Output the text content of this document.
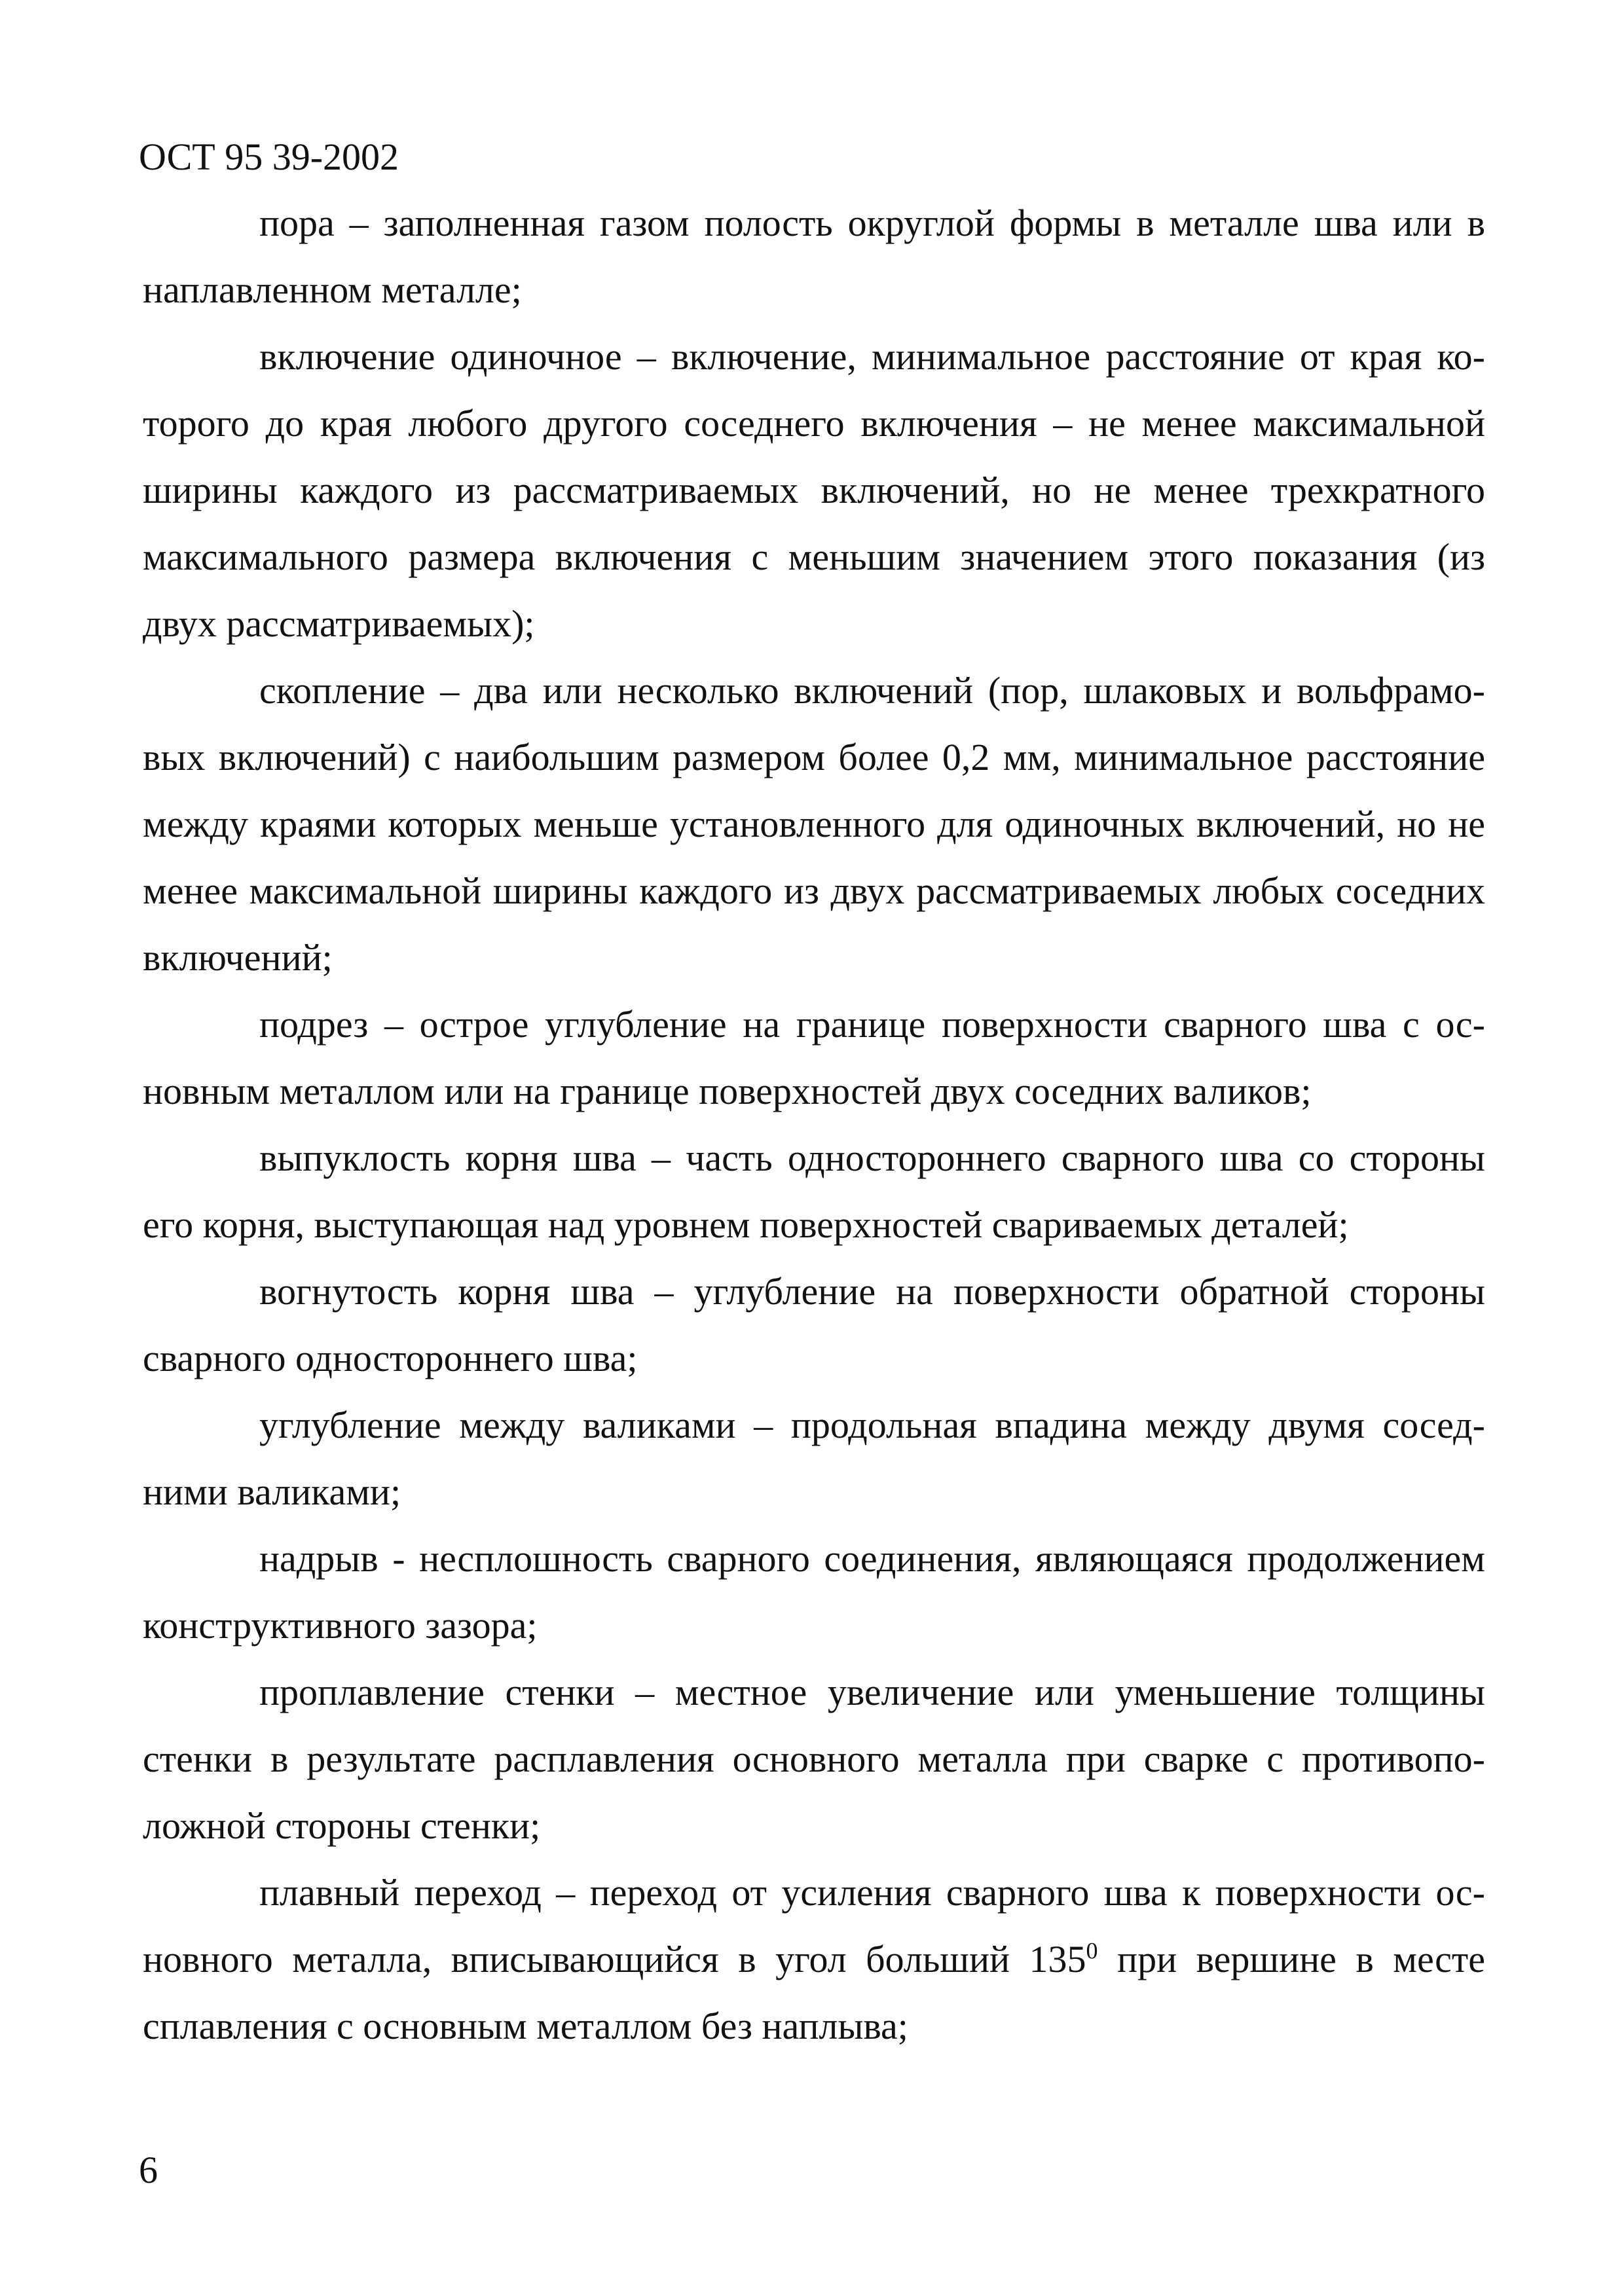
ОСТ 95 39-2002

пора – заполненная газом полость округлой формы в металле шва или в наплавленном металле;

включение одиночное – включение, минимальное расстояние от края которого до края любого другого соседнего включения – не менее максимальной ширины каждого из рассматриваемых включений, но не менее трехкратного максимального размера включения с меньшим значением этого показания (из двух рассматриваемых);

скопление – два или несколько включений (пор, шлаковых и вольфрамовых включений) с наибольшим размером более 0,2 мм, минимальное расстояние между краями которых меньше установленного для одиночных включений, но не менее максимальной ширины каждого из двух рассматриваемых любых соседних включений;

подрез – острое углубление на границе поверхности сварного шва с основным металлом или на границе поверхностей двух соседних валиков;

выпуклость корня шва – часть одностороннего сварного шва со стороны его корня, выступающая над уровнем поверхностей свариваемых деталей;

вогнутость корня шва – углубление на поверхности обратной стороны сварного одностороннего шва;

углубление между валиками – продольная впадина между двумя соседними валиками;

надрыв - несплошность сварного соединения, являющаяся продолжением конструктивного зазора;

проплавление стенки – местное увеличение или уменьшение толщины стенки в результате расплавления основного металла при сварке с противоположной стороны стенки;

плавный переход – переход от усиления сварного шва к поверхности основного металла, вписывающийся в угол больший $135^0$ при вершине в месте сплавления с основным металлом без наплыва;

6
